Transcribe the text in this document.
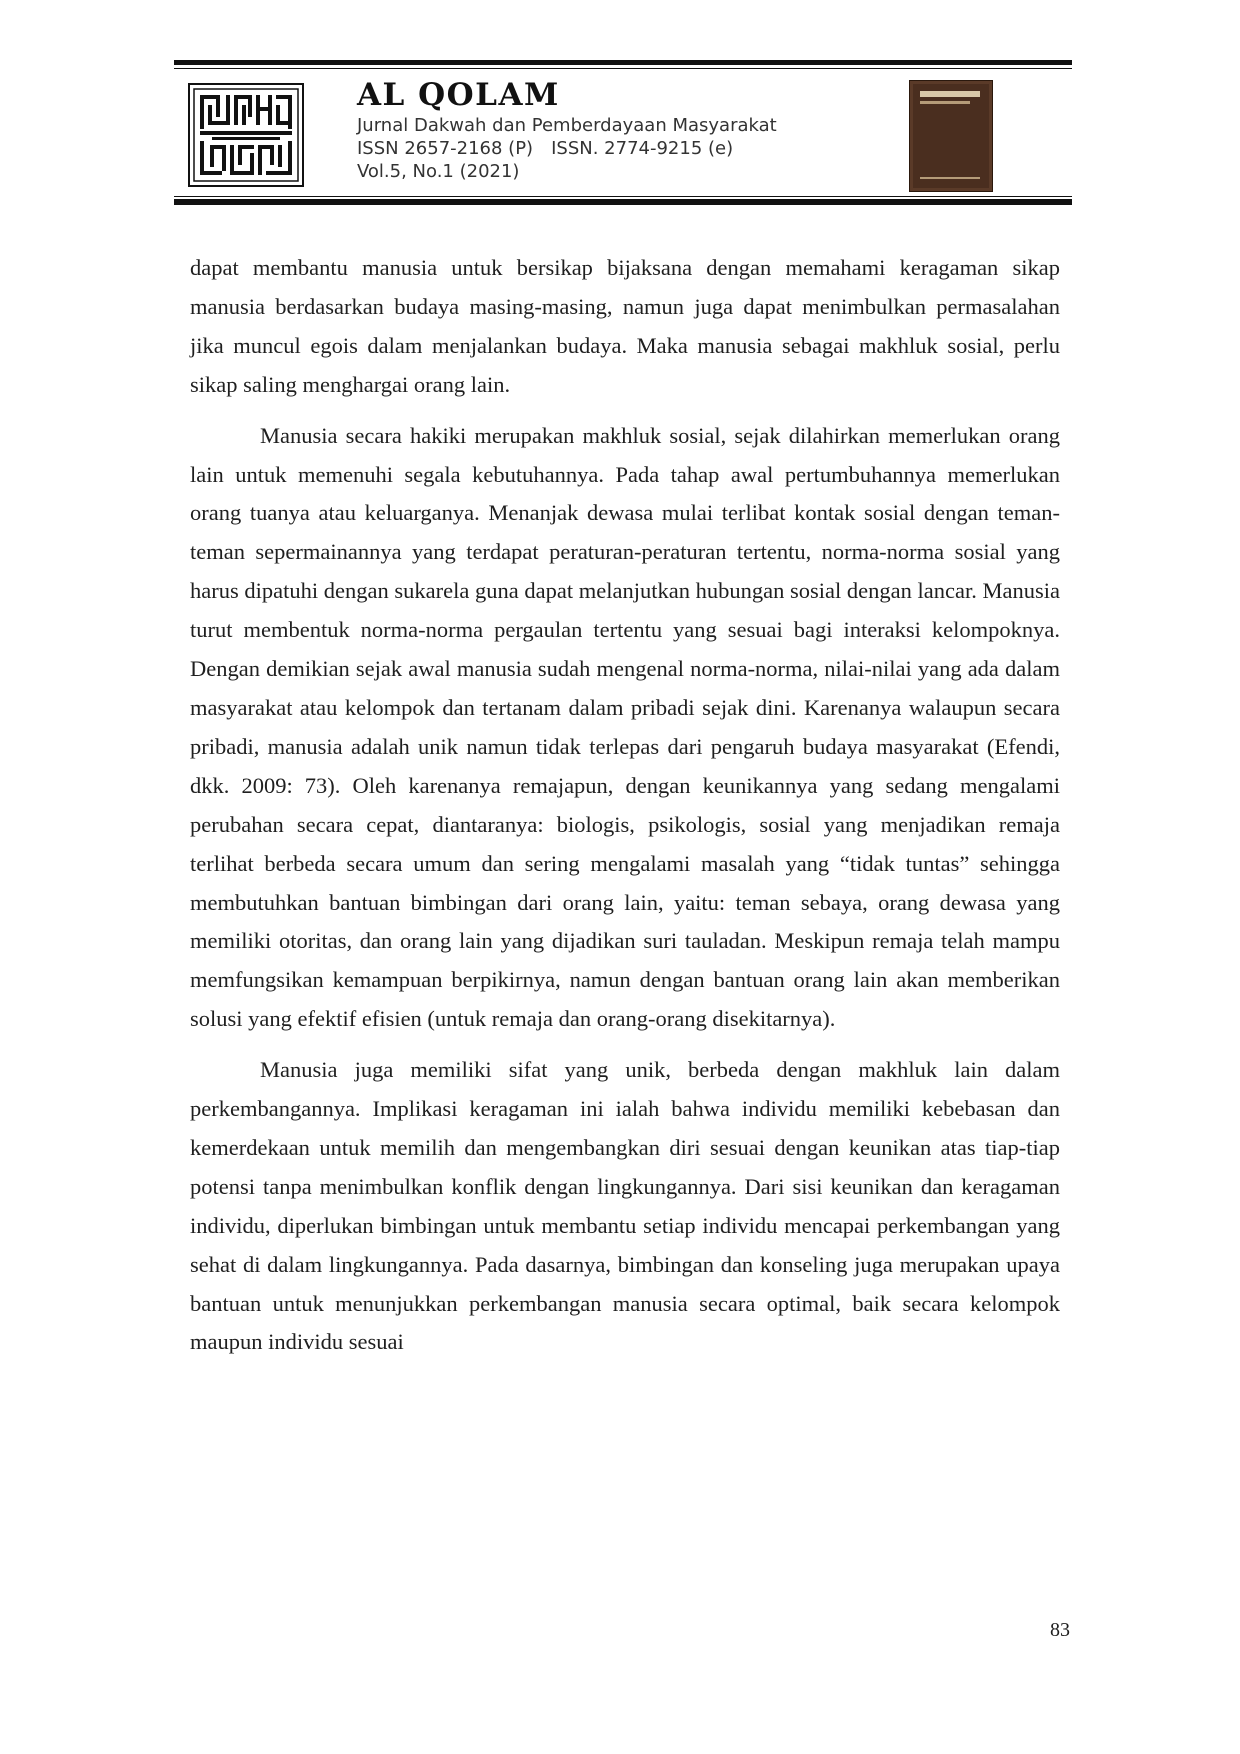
AL QOLAM
Jurnal Dakwah dan Pemberdayaan Masyarakat
ISSN 2657-2168 (P) ISSN. 2774-9215 (e)
Vol.5, No.1 (2021)

dapat membantu manusia untuk bersikap bijaksana dengan memahami keragaman sikap manusia berdasarkan budaya masing-masing, namun juga dapat menimbulkan permasalahan jika muncul egois dalam menjalankan budaya. Maka manusia sebagai makhluk sosial, perlu sikap saling menghargai orang lain.

Manusia secara hakiki merupakan makhluk sosial, sejak dilahirkan memerlukan orang lain untuk memenuhi segala kebutuhannya. Pada tahap awal pertumbuhannya memerlukan orang tuanya atau keluarganya. Menanjak dewasa mulai terlibat kontak sosial dengan teman-teman sepermainannya yang terdapat peraturan-peraturan tertentu, norma-norma sosial yang harus dipatuhi dengan sukarela guna dapat melanjutkan hubungan sosial dengan lancar. Manusia turut membentuk norma-norma pergaulan tertentu yang sesuai bagi interaksi kelompoknya. Dengan demikian sejak awal manusia sudah mengenal norma-norma, nilai-nilai yang ada dalam masyarakat atau kelompok dan tertanam dalam pribadi sejak dini. Karenanya walaupun secara pribadi, manusia adalah unik namun tidak terlepas dari pengaruh budaya masyarakat (Efendi, dkk. 2009: 73). Oleh karenanya remajapun, dengan keunikannya yang sedang mengalami perubahan secara cepat, diantaranya: biologis, psikologis, sosial yang menjadikan remaja terlihat berbeda secara umum dan sering mengalami masalah yang “tidak tuntas” sehingga membutuhkan bantuan bimbingan dari orang lain, yaitu: teman sebaya, orang dewasa yang memiliki otoritas, dan orang lain yang dijadikan suri tauladan. Meskipun remaja telah mampu memfungsikan kemampuan berpikirnya, namun dengan bantuan orang lain akan memberikan solusi yang efektif efisien (untuk remaja dan orang-orang disekitarnya).

Manusia juga memiliki sifat yang unik, berbeda dengan makhluk lain dalam perkembangannya. Implikasi keragaman ini ialah bahwa individu memiliki kebebasan dan kemerdekaan untuk memilih dan mengembangkan diri sesuai dengan keunikan atas tiap-tiap potensi tanpa menimbulkan konflik dengan lingkungannya. Dari sisi keunikan dan keragaman individu, diperlukan bimbingan untuk membantu setiap individu mencapai perkembangan yang sehat di dalam lingkungannya. Pada dasarnya, bimbingan dan konseling juga merupakan upaya bantuan untuk menunjukkan perkembangan manusia secara optimal, baik secara kelompok maupun individu sesuai

83
